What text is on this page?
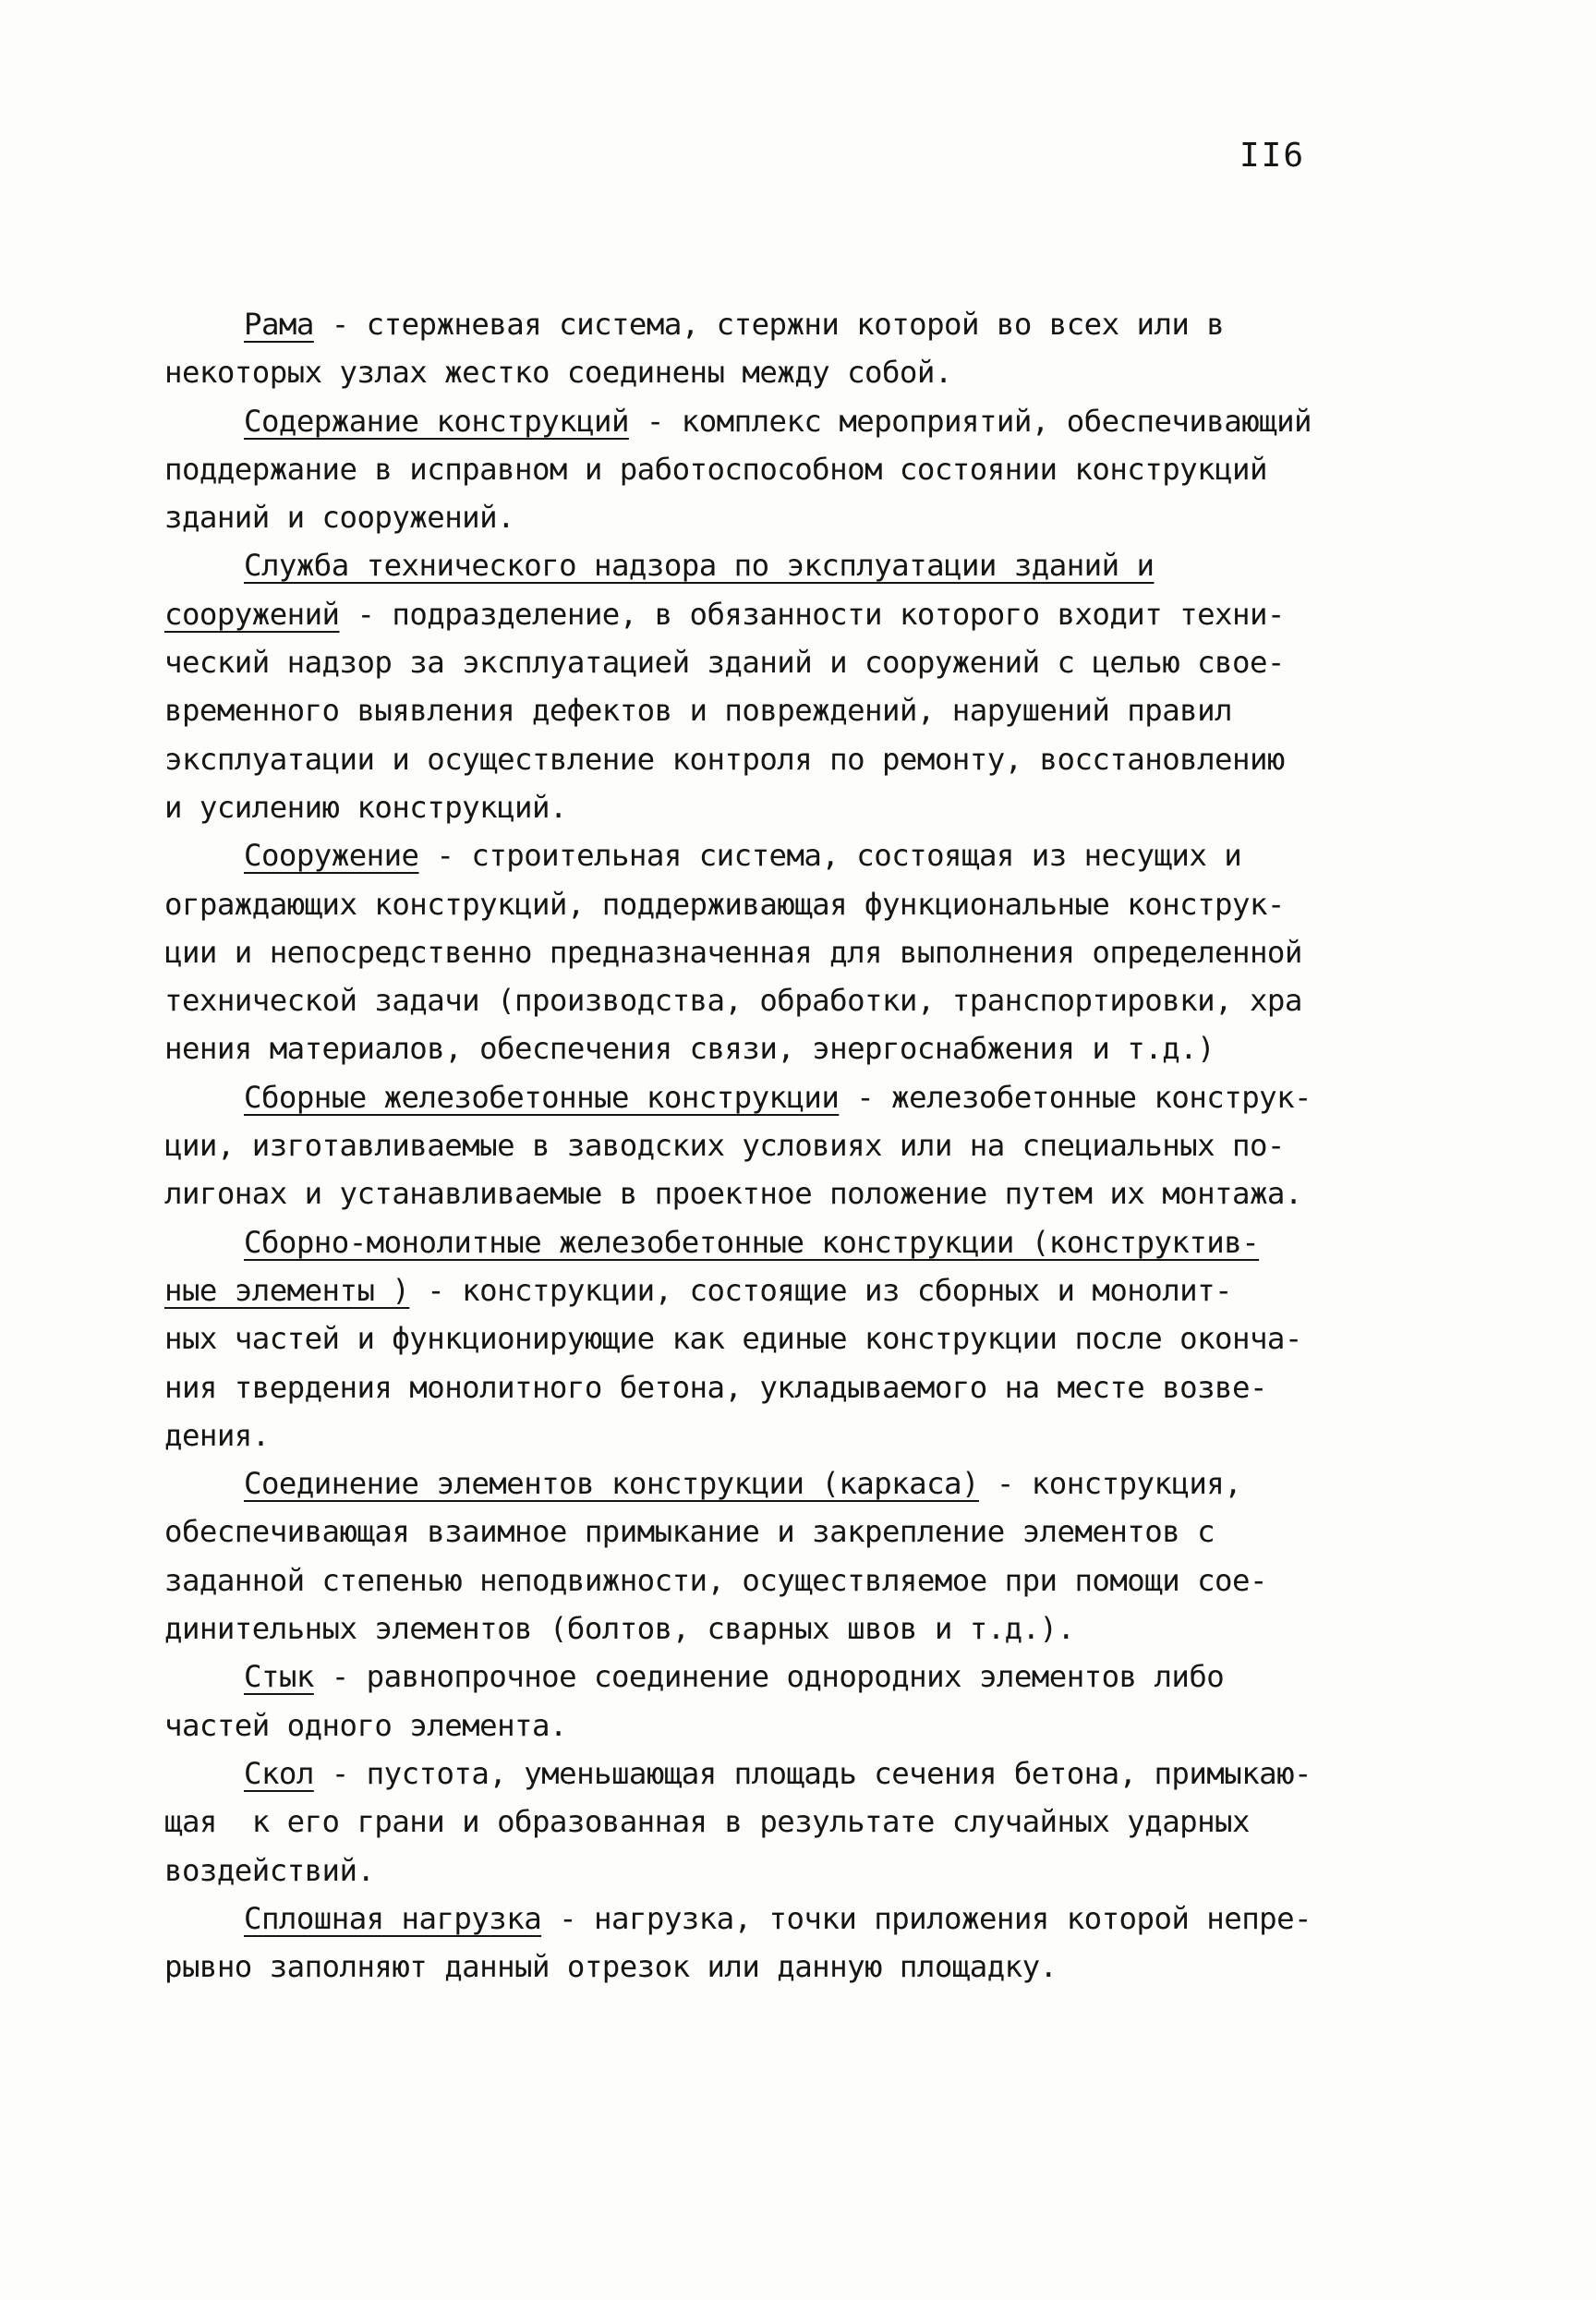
II6
Рама - стержневая система, стержни которой во всех или в
некоторых узлах жестко соединены между собой.
Содержание конструкций - комплекс мероприятий, обеспечивающий
поддержание в исправном и работоспособном состоянии конструкций
зданий и сооружений.
Служба технического надзора по эксплуатации зданий и
сооружений - подразделение, в обязанности которого входит техни-
ческий надзор за эксплуатацией зданий и сооружений с целью свое-
временного выявления дефектов и повреждений, нарушений правил
эксплуатации и осуществление контроля по ремонту, восстановлению
и усилению конструкций.
Сооружение - строительная система, состоящая из несущих и
ограждающих конструкций, поддерживающая функциональные конструк-
ции и непосредственно предназначенная для выполнения определенной
технической задачи (производства, обработки, транспортировки, хра
нения материалов, обеспечения связи, энергоснабжения и т.д.)
Сборные железобетонные конструкции - железобетонные конструк-
ции, изготавливаемые в заводских условиях или на специальных по-
лигонах и устанавливаемые в проектное положение путем их монтажа.
Сборно-монолитные железобетонные конструкции (конструктив-
ные элементы ) - конструкции, состоящие из сборных и монолит-
ных частей и функционирующие как единые конструкции после оконча-
ния твердения монолитного бетона, укладываемого на месте возве-
дения.
Соединение элементов конструкции (каркаса) - конструкция,
обеспечивающая взаимное примыкание и закрепление элементов с
заданной степенью неподвижности, осуществляемое при помощи сое-
динительных элементов (болтов, сварных швов и т.д.).
Стык - равнопрочное соединение однородних элементов либо
частей одного элемента.
Скол - пустота, уменьшающая площадь сечения бетона, примыкаю-
щая  к его грани и образованная в результате случайных ударных
воздействий.
Сплошная нагрузка - нагрузка, точки приложения которой непре-
рывно заполняют данный отрезок или данную площадку.
